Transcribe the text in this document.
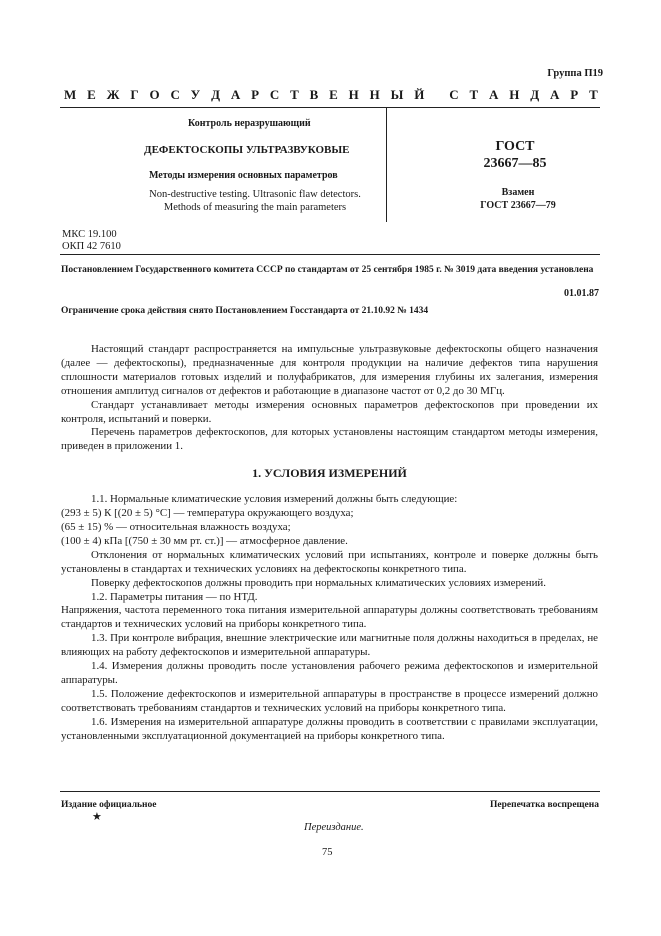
Группа П19
М Е Ж Г О С У Д А Р С Т В Е Н Н Ы Й
С Т А Н Д А Р Т
Контроль неразрушающий
ДЕФЕКТОСКОПЫ УЛЬТРАЗВУКОВЫЕ
Методы измерения основных параметров
Non-destructive testing. Ultrasonic flaw detectors.
Methods of measuring the main parameters
ГОСТ
23667—85
Взамен
ГОСТ 23667—79
МКС 19.100
ОКП 42 7610
Постановлением Государственного комитета СССР по стандартам от 25 сентября 1985 г. № 3019 дата введения установлена
01.01.87
Ограничение срока действия снято Постановлением Госстандарта от 21.10.92 № 1434

Настоящий стандарт распространяется на импульсные ультразвуковые дефектоскопы общего назначения (далее — дефектоскопы), предназначенные для контроля продукции на наличие дефектов типа нарушения сплошности материалов готовых изделий и полуфабрикатов, для измерения глубины их залегания, измерения отношения амплитуд сигналов от дефектов и работающие в диапазоне частот от 0,2 до 30 МГц.

Стандарт устанавливает методы измерения основных параметров дефектоскопов при проведении их контроля, испытаний и поверки.

Перечень параметров дефектоскопов, для которых установлены настоящим стандартом методы измерения, приведен в приложении 1.

1. УСЛОВИЯ ИЗМЕРЕНИЙ

1.1. Нормальные климатические условия измерений должны быть следующие:

(293 ± 5) К [(20 ± 5) °С] — температура окружающего воздуха;

(65 ± 15) % — относительная влажность воздуха;

(100 ± 4) кПа [(750 ± 30 мм рт. ст.)] — атмосферное давление.

Отклонения от нормальных климатических условий при испытаниях, контроле и поверке должны быть установлены в стандартах и технических условиях на дефектоскопы конкретного типа.

Поверку дефектоскопов должны проводить при нормальных климатических условиях измерений.

1.2. Параметры питания — по НТД.

Напряжения, частота переменного тока питания измерительной аппаратуры должны соответствовать требованиям стандартов и технических условий на приборы конкретного типа.

1.3. При контроле вибрация, внешние электрические или магнитные поля должны находиться в пределах, не влияющих на работу дефектоскопов и измерительной аппаратуры.

1.4. Измерения должны проводить после установления рабочего режима дефектоскопов и измерительной аппаратуры.

1.5. Положение дефектоскопов и измерительной аппаратуры в пространстве в процессе измерений должно соответствовать требованиям стандартов и технических условий на приборы конкретного типа.

1.6. Измерения на измерительной аппаратуре должны проводить в соответствии с правилами эксплуатации, установленными эксплуатационной документацией на приборы конкретного типа.

Издание официальное
★
Перепечатка воспрещена
Переиздание.
75
